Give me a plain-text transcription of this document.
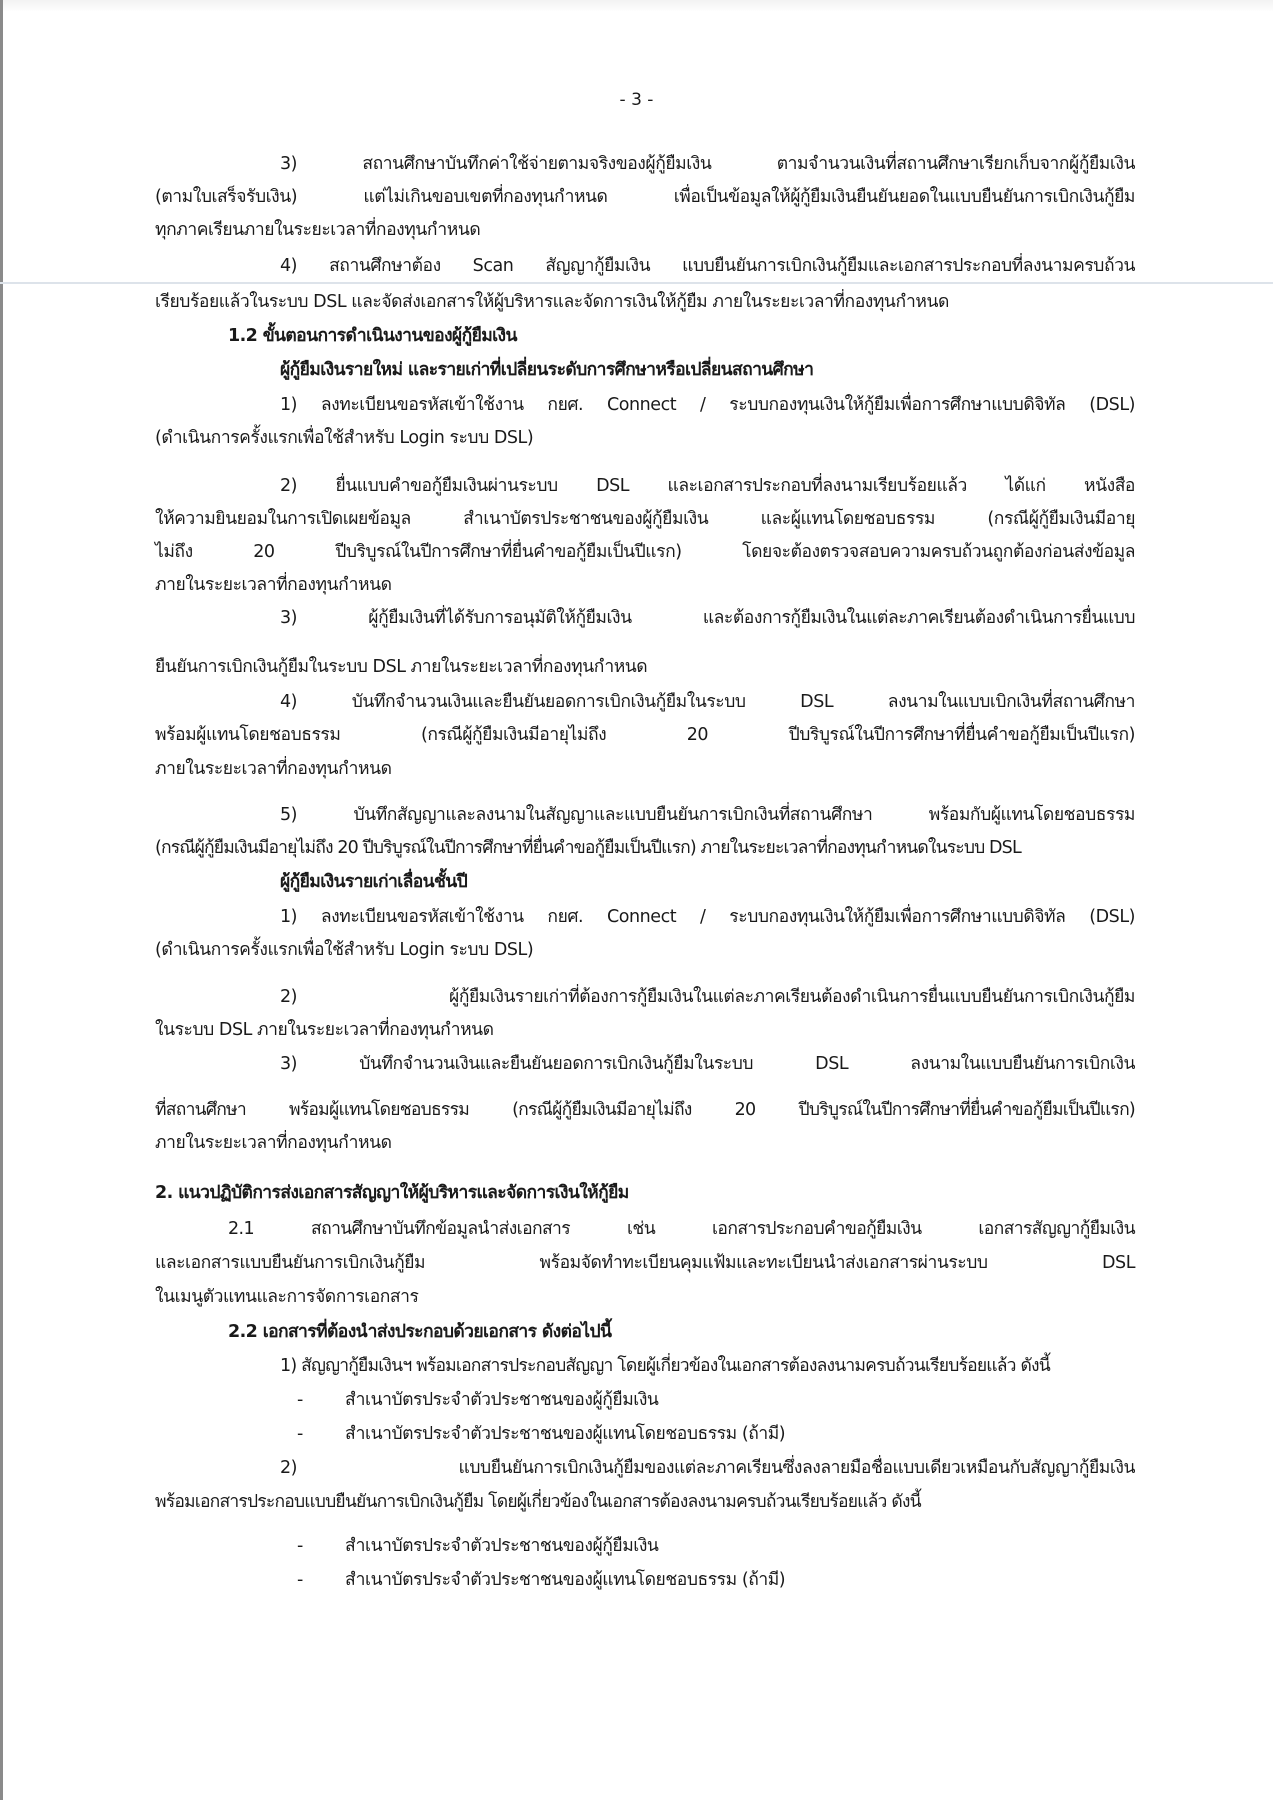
- 3 -
3) สถานศึกษาบันทึกค่าใช้จ่ายตามจริงของผู้กู้ยืมเงิน ตามจำนวนเงินที่สถานศึกษาเรียกเก็บจากผู้กู้ยืมเงิน
(ตามใบเสร็จรับเงิน) แต่ไม่เกินขอบเขตที่กองทุนกำหนด เพื่อเป็นข้อมูลให้ผู้กู้ยืมเงินยืนยันยอดในแบบยืนยันการเบิกเงินกู้ยืม
ทุกภาคเรียนภายในระยะเวลาที่กองทุนกำหนด
4) สถานศึกษาต้อง Scan สัญญากู้ยืมเงิน แบบยืนยันการเบิกเงินกู้ยืมและเอกสารประกอบที่ลงนามครบถ้วน
เรียบร้อยแล้วในระบบ DSL และจัดส่งเอกสารให้ผู้บริหารและจัดการเงินให้กู้ยืม ภายในระยะเวลาที่กองทุนกำหนด
1.2 ขั้นตอนการดำเนินงานของผู้กู้ยืมเงิน
ผู้กู้ยืมเงินรายใหม่ และรายเก่าที่เปลี่ยนระดับการศึกษาหรือเปลี่ยนสถานศึกษา
1) ลงทะเบียนขอรหัสเข้าใช้งาน กยศ. Connect / ระบบกองทุนเงินให้กู้ยืมเพื่อการศึกษาแบบดิจิทัล (DSL)
(ดำเนินการครั้งแรกเพื่อใช้สำหรับ Login ระบบ DSL)
2) ยื่นแบบคำขอกู้ยืมเงินผ่านระบบ DSL และเอกสารประกอบที่ลงนามเรียบร้อยแล้ว ได้แก่ หนังสือ
ให้ความยินยอมในการเปิดเผยข้อมูล สำเนาบัตรประชาชนของผู้กู้ยืมเงิน และผู้แทนโดยชอบธรรม (กรณีผู้กู้ยืมเงินมีอายุ
ไม่ถึง 20 ปีบริบูรณ์ในปีการศึกษาที่ยื่นคำขอกู้ยืมเป็นปีแรก) โดยจะต้องตรวจสอบความครบถ้วนถูกต้องก่อนส่งข้อมูล
ภายในระยะเวลาที่กองทุนกำหนด
3) ผู้กู้ยืมเงินที่ได้รับการอนุมัติให้กู้ยืมเงิน และต้องการกู้ยืมเงินในแต่ละภาคเรียนต้องดำเนินการยื่นแบบ
ยืนยันการเบิกเงินกู้ยืมในระบบ DSL ภายในระยะเวลาที่กองทุนกำหนด
4) บันทึกจำนวนเงินและยืนยันยอดการเบิกเงินกู้ยืมในระบบ DSL ลงนามในแบบเบิกเงินที่สถานศึกษา
พร้อมผู้แทนโดยชอบธรรม (กรณีผู้กู้ยืมเงินมีอายุไม่ถึง 20 ปีบริบูรณ์ในปีการศึกษาที่ยื่นคำขอกู้ยืมเป็นปีแรก)
ภายในระยะเวลาที่กองทุนกำหนด
5) บันทึกสัญญาและลงนามในสัญญาและแบบยืนยันการเบิกเงินที่สถานศึกษา พร้อมกับผู้แทนโดยชอบธรรม
(กรณีผู้กู้ยืมเงินมีอายุไม่ถึง 20 ปีบริบูรณ์ในปีการศึกษาที่ยื่นคำขอกู้ยืมเป็นปีแรก) ภายในระยะเวลาที่กองทุนกำหนดในระบบ DSL
ผู้กู้ยืมเงินรายเก่าเลื่อนชั้นปี
1) ลงทะเบียนขอรหัสเข้าใช้งาน กยศ. Connect / ระบบกองทุนเงินให้กู้ยืมเพื่อการศึกษาแบบดิจิทัล (DSL)
(ดำเนินการครั้งแรกเพื่อใช้สำหรับ Login ระบบ DSL)
2) ผู้กู้ยืมเงินรายเก่าที่ต้องการกู้ยืมเงินในแต่ละภาคเรียนต้องดำเนินการยื่นแบบยืนยันการเบิกเงินกู้ยืม
ในระบบ DSL ภายในระยะเวลาที่กองทุนกำหนด
3) บันทึกจำนวนเงินและยืนยันยอดการเบิกเงินกู้ยืมในระบบ DSL ลงนามในแบบยืนยันการเบิกเงิน
ที่สถานศึกษา พร้อมผู้แทนโดยชอบธรรม (กรณีผู้กู้ยืมเงินมีอายุไม่ถึง 20 ปีบริบูรณ์ในปีการศึกษาที่ยื่นคำขอกู้ยืมเป็นปีแรก)
ภายในระยะเวลาที่กองทุนกำหนด
2. แนวปฏิบัติการส่งเอกสารสัญญาให้ผู้บริหารและจัดการเงินให้กู้ยืม
2.1 สถานศึกษาบันทึกข้อมูลนำส่งเอกสาร เช่น เอกสารประกอบคำขอกู้ยืมเงิน เอกสารสัญญากู้ยืมเงิน
และเอกสารแบบยืนยันการเบิกเงินกู้ยืม พร้อมจัดทำทะเบียนคุมแฟ้มและทะเบียนนำส่งเอกสารผ่านระบบ DSL
ในเมนูตัวแทนและการจัดการเอกสาร
2.2 เอกสารที่ต้องนำส่งประกอบด้วยเอกสาร ดังต่อไปนี้
1) สัญญากู้ยืมเงินฯ พร้อมเอกสารประกอบสัญญา โดยผู้เกี่ยวข้องในเอกสารต้องลงนามครบถ้วนเรียบร้อยแล้ว ดังนี้
- สำเนาบัตรประจำตัวประชาชนของผู้กู้ยืมเงิน
- สำเนาบัตรประจำตัวประชาชนของผู้แทนโดยชอบธรรม (ถ้ามี)
2) แบบยืนยันการเบิกเงินกู้ยืมของแต่ละภาคเรียนซึ่งลงลายมือชื่อแบบเดียวเหมือนกับสัญญากู้ยืมเงิน
พร้อมเอกสารประกอบแบบยืนยันการเบิกเงินกู้ยืม โดยผู้เกี่ยวข้องในเอกสารต้องลงนามครบถ้วนเรียบร้อยแล้ว ดังนี้
- สำเนาบัตรประจำตัวประชาชนของผู้กู้ยืมเงิน
- สำเนาบัตรประจำตัวประชาชนของผู้แทนโดยชอบธรรม (ถ้ามี)
